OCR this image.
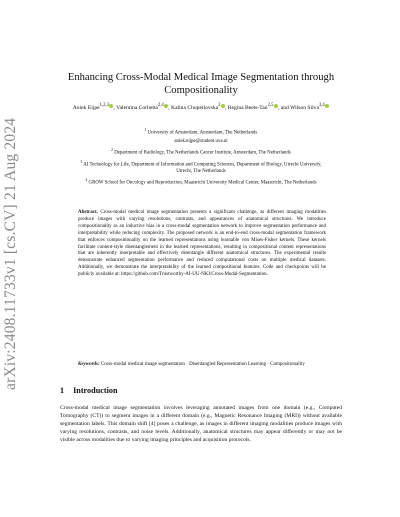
arXiv:2408.11733v1 [cs.CV] 21 Aug 2024
Enhancing Cross-Modal Medical Image Segmentation through Compositionality
Aniek Eijpe$^{1,2,3}$ , Valentina Corbetta$^{2,4}$ , Kalina Chupetlovska$^2$ , Regina Beets-Tan$^{2,5}$ , and Wilson Silva$^{3,4}$

$^1$ University of Amsterdam, Amsterdam, The Netherlands

aniek.eijpe@student.uva.nl

$^2$ Department of Radiology, The Netherlands Cancer Institute, Amsterdam, The Netherlands

$^3$ AI Technology for Life, Department of Information and Computing Sciences, Department of Biology, Utrecht University, Utrecht, The Netherlands

$^4$ GROW School for Oncology and Reproduction, Maastricht University Medical Center, Maastricht, The Netherlands

Abstract. Cross-modal medical image segmentation presents a significant challenge, as different imaging modalities produce images with varying resolutions, contrasts, and appearances of anatomical structures. We introduce compositionality as an inductive bias in a cross-modal segmentation network to improve segmentation performance and interpretability while reducing complexity. The proposed network is an end-to-end cross-modal segmentation framework that enforces compositionality on the learned representations using learnable von Mises-Fisher kernels. These kernels facilitate content-style disentanglement in the learned representations, resulting in compositional content representations that are inherently interpretable and effectively disentangle different anatomical structures. The experimental results demonstrate enhanced segmentation performance and reduced computational costs on multiple medical datasets. Additionally, we demonstrate the interpretability of the learned compositional features. Code and checkpoints will be publicly available at: https://github.com/Trustworthy-AI-UU-NKI/Cross-Modal-Segmentation.
Keywords: Cross-modal medical image segmentation · Disentangled Representation Learning · Compositionality
1 Introduction
Cross-modal medical image segmentation involves leveraging annotated images from one domain (e.g., Computed Tomography (CT)) to segment images in a different domain (e.g., Magnetic Resonance Imaging (MRI)) without available segmentation labels. This domain shift [4] poses a challenge, as images in different imaging modalities produce images with varying resolutions, contrasts, and noise levels. Additionally, anatomical structures may appear differently or may not be visible across modalities due to varying imaging principles and acquisition protocols.
